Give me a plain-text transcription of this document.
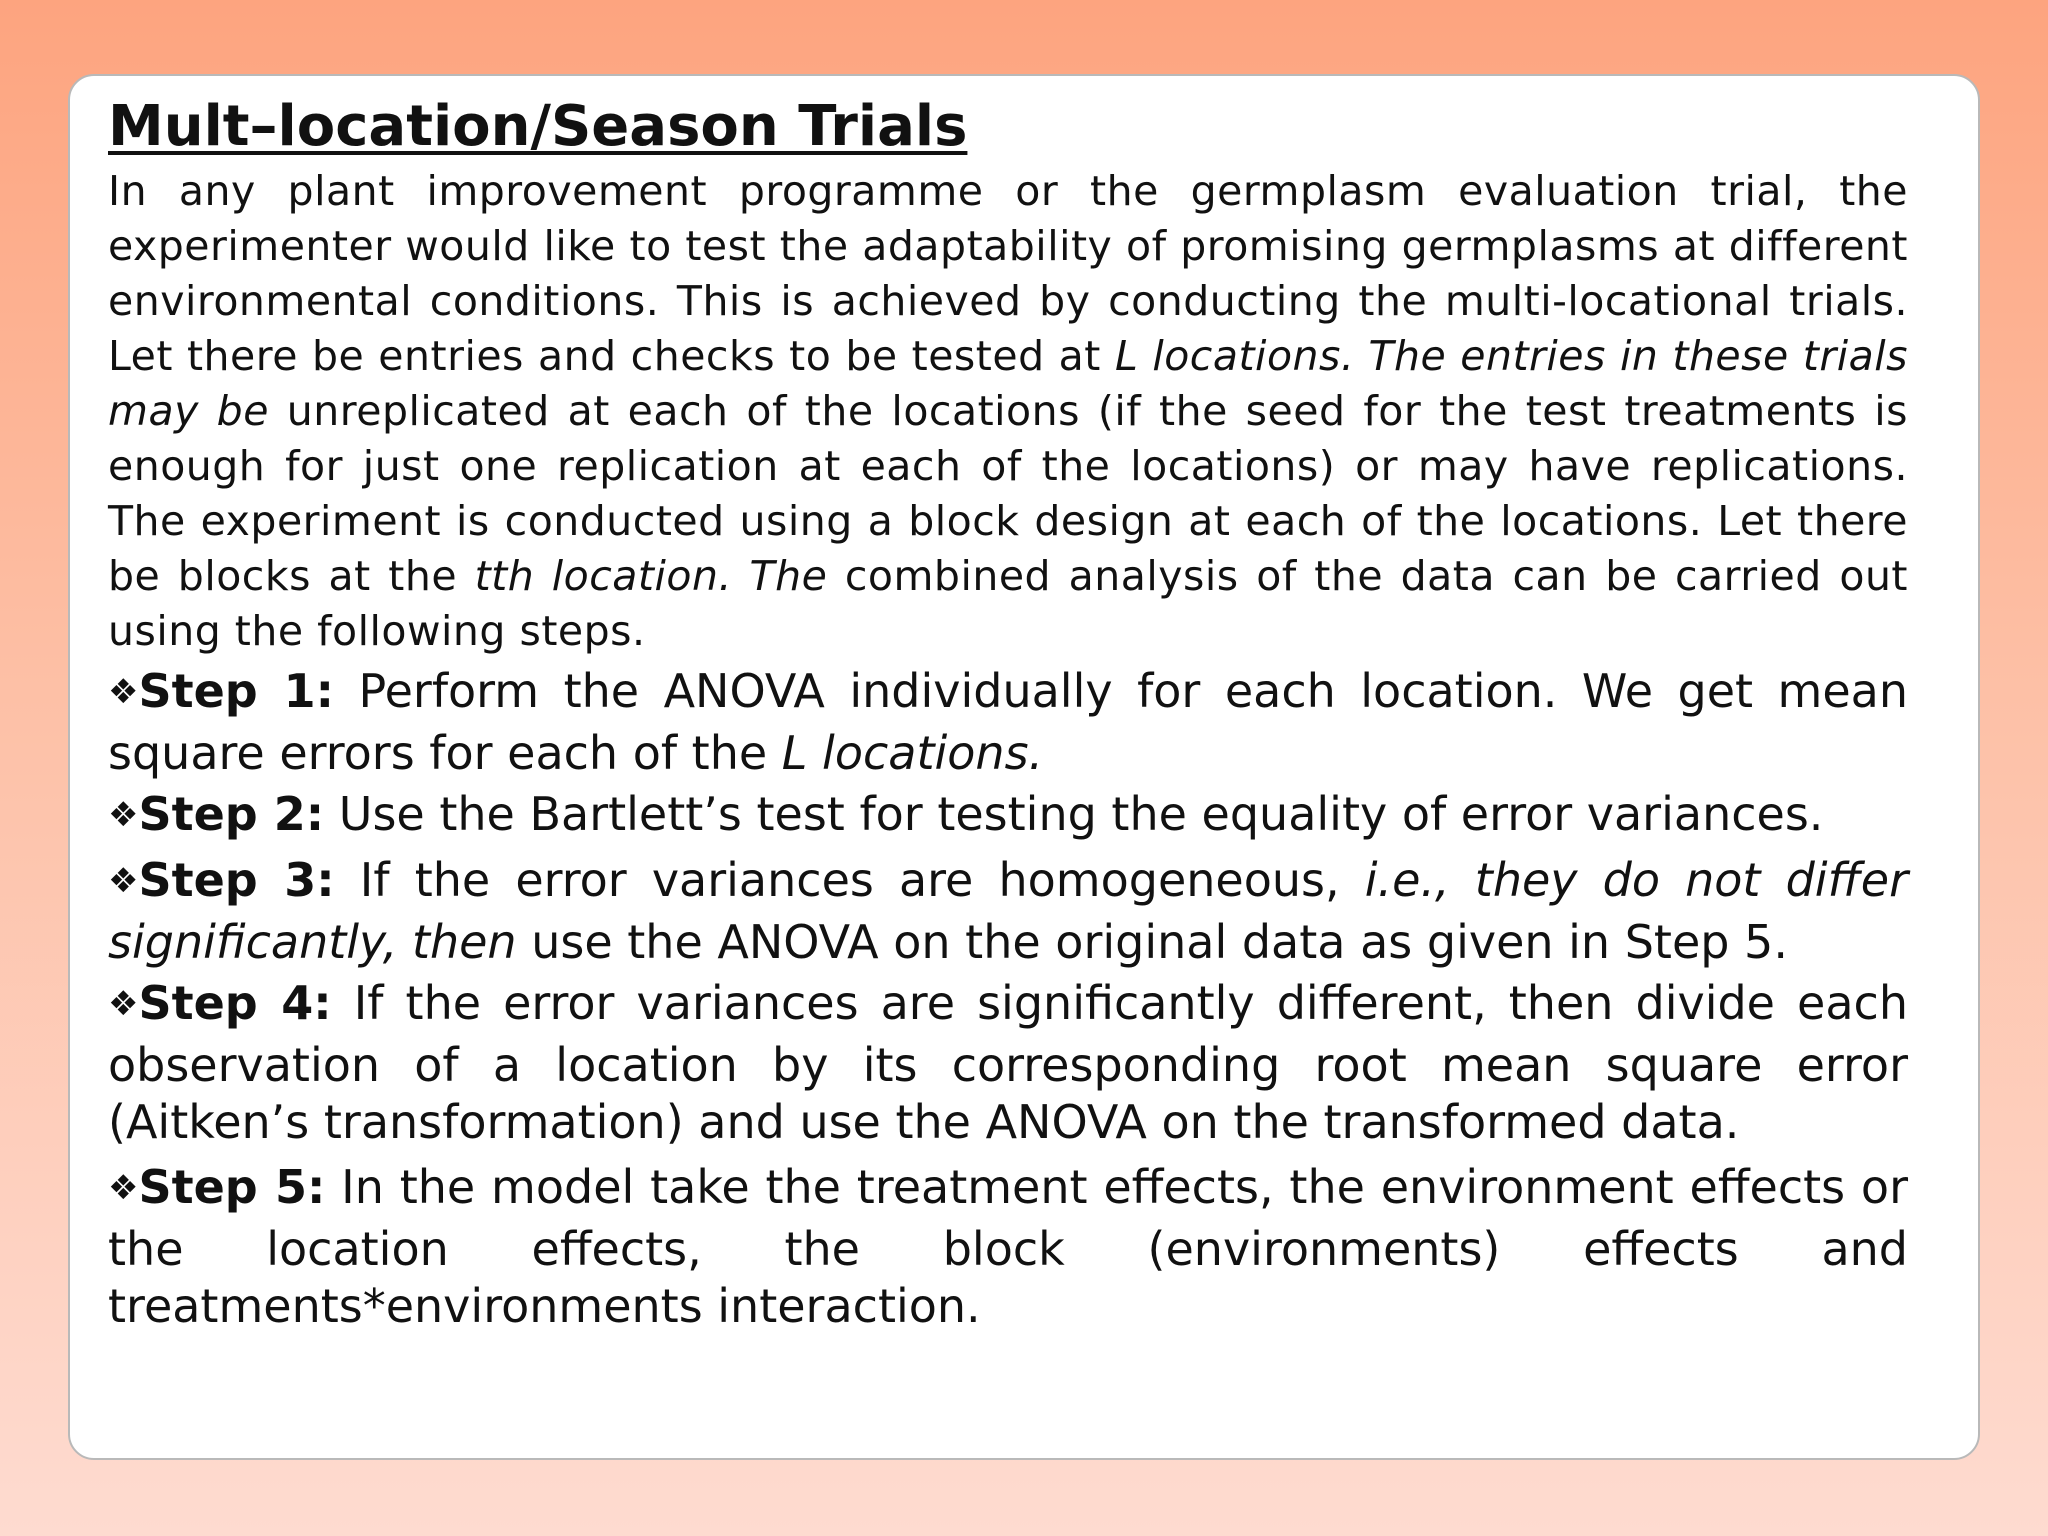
Mult–location/Season Trials

In any plant improvement programme or the germplasm evaluation trial, the experimenter would like to test the adaptability of promising germplasms at different environmental conditions. This is achieved by conducting the multi-locational trials. Let there be entries and checks to be tested at L locations. The entries in these trials may be unreplicated at each of the locations (if the seed for the test treatments is enough for just one replication at each of the locations) or may have replications. The experiment is conducted using a block design at each of the locations. Let there be blocks at the tth location. The combined analysis of the data can be carried out using the following steps.

❖Step 1: Perform the ANOVA individually for each location. We get mean square errors for each of the L locations.

❖Step 2: Use the Bartlett’s test for testing the equality of error variances.

❖Step 3: If the error variances are homogeneous, i.e., they do not differ significantly, then use the ANOVA on the original data as given in Step 5.

❖Step 4: If the error variances are significantly different, then divide each observation of a location by its corresponding root mean square error (Aitken’s transformation) and use the ANOVA on the transformed data.

❖Step 5: In the model take the treatment effects, the environment effects or the location effects, the block (environments) effects and treatments*environments interaction.
